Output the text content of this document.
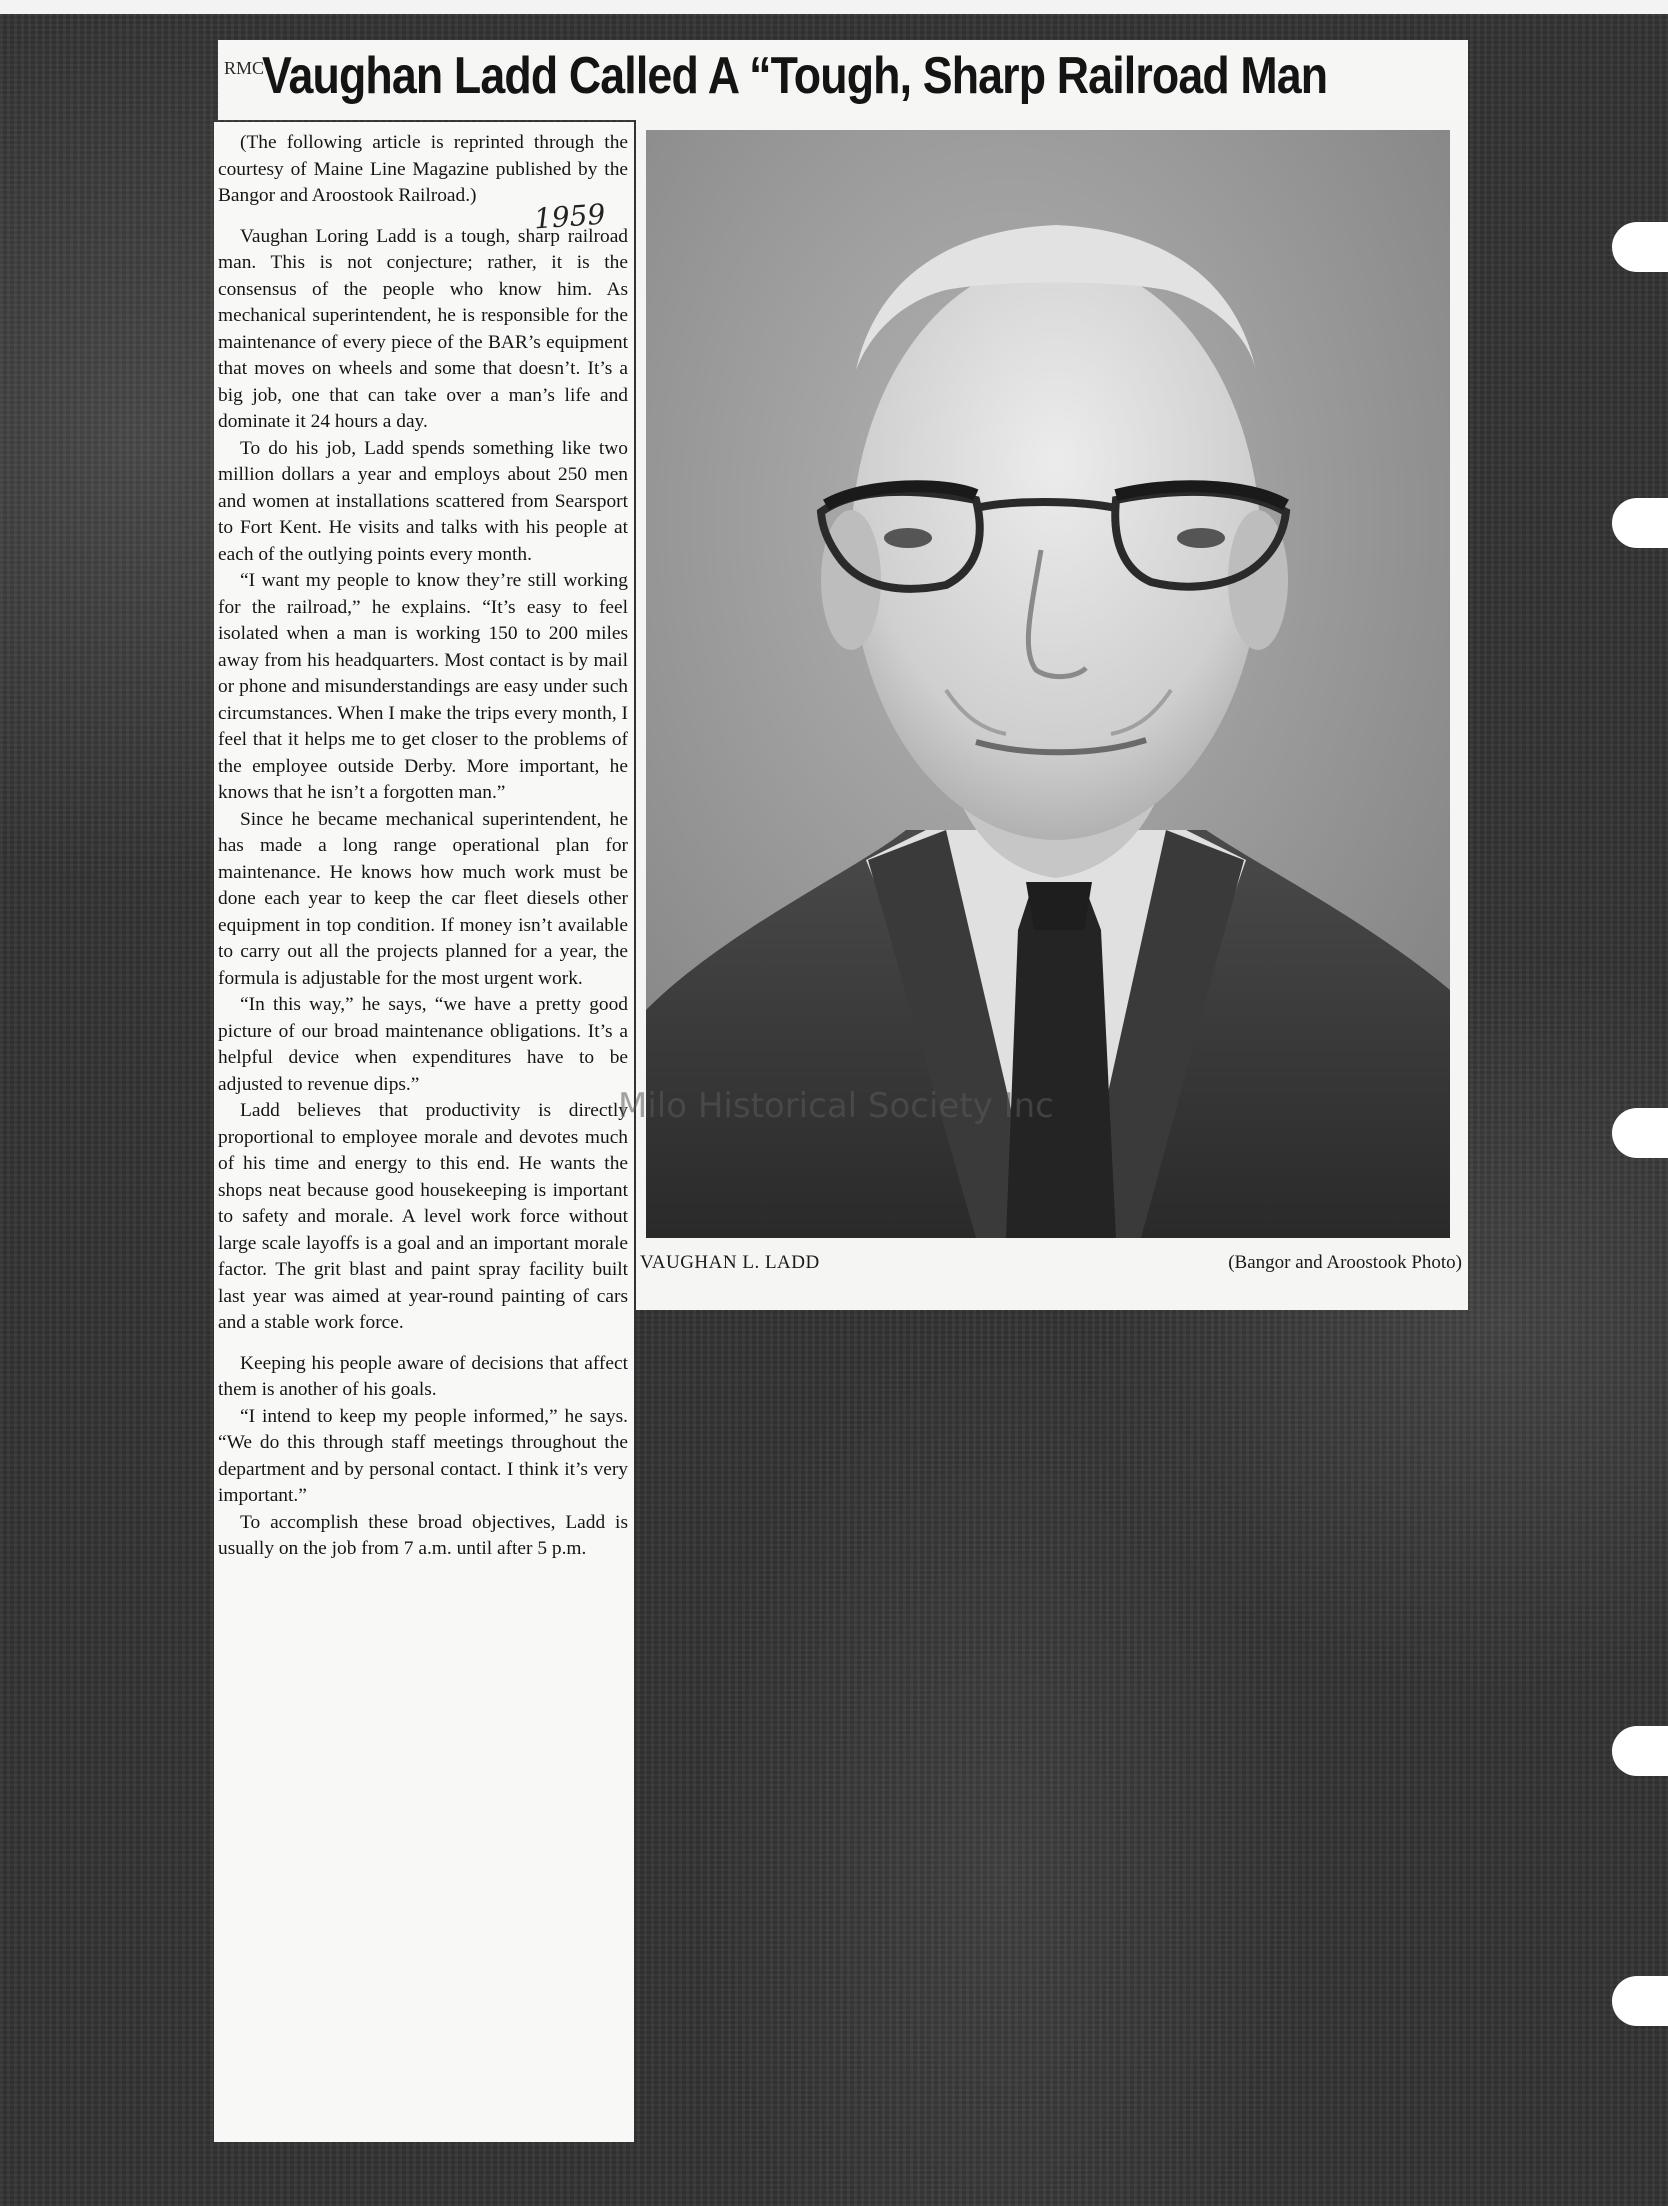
RMC
Vaughan Ladd Called A “Tough, Sharp Railroad Man

(The following article is reprinted through the courtesy of Maine Line Magazine published by the Bangor and Aroostook Railroad.)

Vaughan Loring Ladd is a tough, sharp railroad man. This is not conjecture; rather, it is the consensus of the people who know him. As mechanical superintendent, he is responsible for the maintenance of every piece of the BAR’s equipment that moves on wheels and some that doesn’t. It’s a big job, one that can take over a man’s life and dominate it 24 hours a day.

To do his job, Ladd spends something like two million dollars a year and employs about 250 men and women at installations scattered from Searsport to Fort Kent. He visits and talks with his people at each of the outlying points every month.

“I want my people to know they’re still working for the railroad,” he explains. “It’s easy to feel isolated when a man is working 150 to 200 miles away from his headquarters. Most contact is by mail or phone and misunderstandings are easy under such circumstances. When I make the trips every month, I feel that it helps me to get closer to the problems of the employee outside Derby. More important, he knows that he isn’t a forgotten man.”

Since he became mechanical superintendent, he has made a long range operational plan for maintenance. He knows how much work must be done each year to keep the car fleet diesels other equipment in top condition. If money isn’t available to carry out all the projects planned for a year, the formula is adjustable for the most urgent work.

“In this way,” he says, “we have a pretty good picture of our broad maintenance obligations. It’s a helpful device when expenditures have to be adjusted to revenue dips.”

Ladd believes that productivity is directly proportional to employee morale and devotes much of his time and energy to this end. He wants the shops neat because good housekeeping is important to safety and morale. A level work force without large scale layoffs is a goal and an important morale factor. The grit blast and paint spray facility built last year was aimed at year-round painting of cars and a stable work force.

Keeping his people aware of decisions that affect them is another of his goals.

“I intend to keep my people informed,” he says. “We do this through staff meetings throughout the department and by personal contact. I think it’s very important.”

To accomplish these broad objectives, Ladd is usually on the job from 7 a.m. until after 5 p.m.

1959
VAUGHAN L. LADD	(Bangor and Aroostook Photo)
Milo Historical Society Inc
